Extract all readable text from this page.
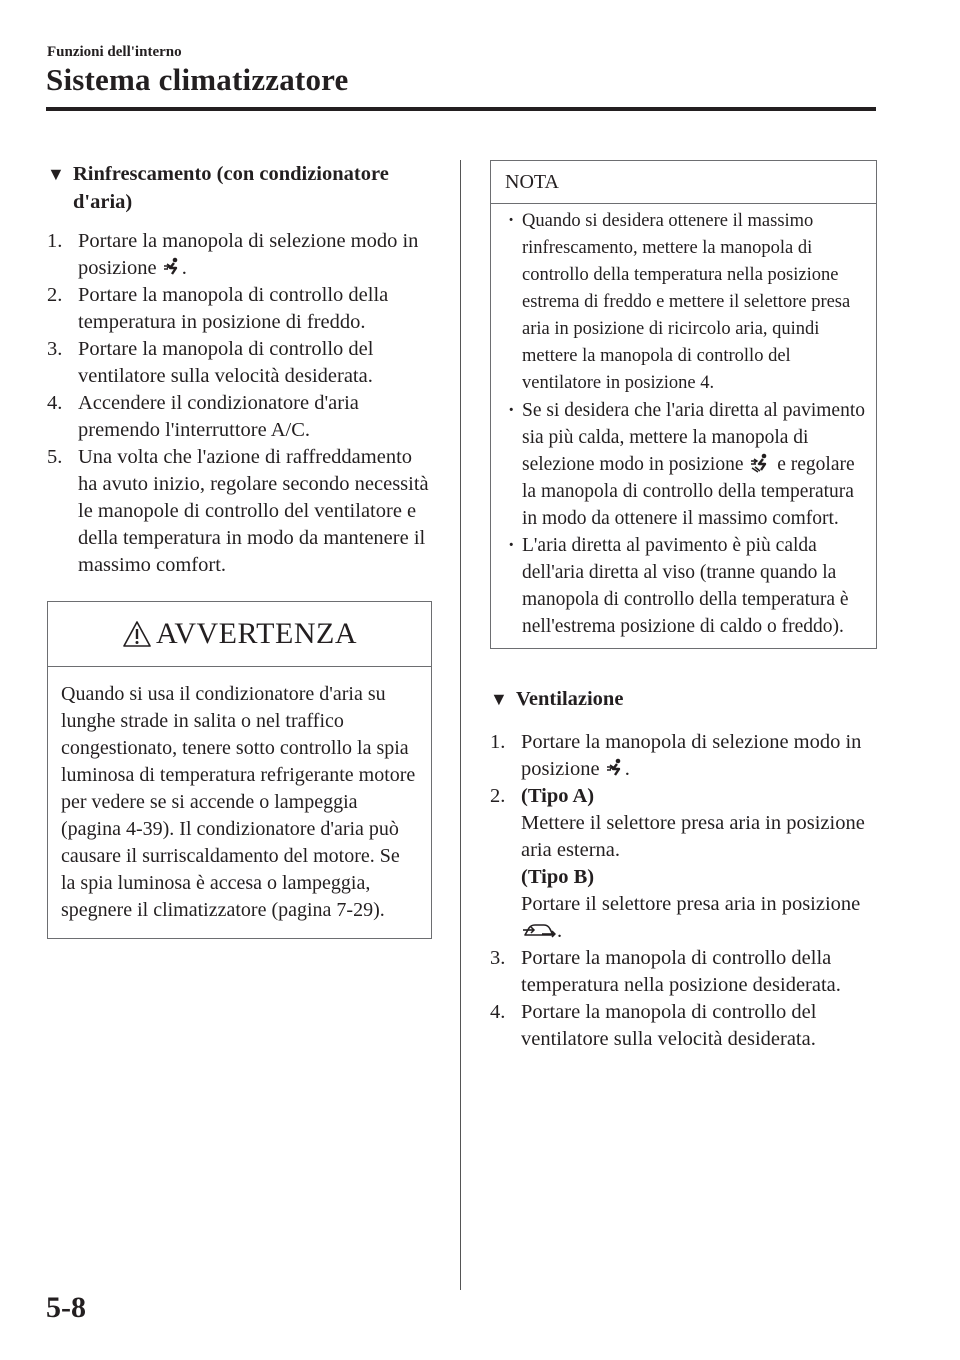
Funzioni dell'interno
Sistema climatizzatore
▼ Rinfrescamento (con condizionatore d'aria)
1. Portare la manopola di selezione modo in posizione .
2. Portare la manopola di controllo della temperatura in posizione di freddo.
3. Portare la manopola di controllo del ventilatore sulla velocità desiderata.
4. Accendere il condizionatore d'aria premendo l'interruttore A/C.
5. Una volta che l'azione di raffreddamento ha avuto inizio, regolare secondo necessità le manopole di controllo del ventilatore e della temperatura in modo da mantenere il massimo comfort.
AVVERTENZA
Quando si usa il condizionatore d'aria su lunghe strade in salita o nel traffico congestionato, tenere sotto controllo la spia luminosa di temperatura refrigerante motore per vedere se si accende o lampeggia (pagina 4-39). Il condizionatore d'aria può causare il surriscaldamento del motore. Se la spia luminosa è accesa o lampeggia, spegnere il climatizzatore (pagina 7-29).
NOTA
· Quando si desidera ottenere il massimo rinfrescamento, mettere la manopola di controllo della temperatura nella posizione estrema di freddo e mettere il selettore presa aria in posizione di ricircolo aria, quindi mettere la manopola di controllo del ventilatore in posizione 4.
· Se si desidera che l'aria diretta al pavimento sia più calda, mettere la manopola di selezione modo in posizione  e regolare la manopola di controllo della temperatura in modo da ottenere il massimo comfort.
· L'aria diretta al pavimento è più calda dell'aria diretta al viso (tranne quando la manopola di controllo della temperatura è nell'estrema posizione di caldo o freddo).
▼ Ventilazione
1. Portare la manopola di selezione modo in posizione .
2. (Tipo A)
Mettere il selettore presa aria in posizione aria esterna.
(Tipo B)
Portare il selettore presa aria in posizione .
3. Portare la manopola di controllo della temperatura nella posizione desiderata.
4. Portare la manopola di controllo del ventilatore sulla velocità desiderata.
5-8
